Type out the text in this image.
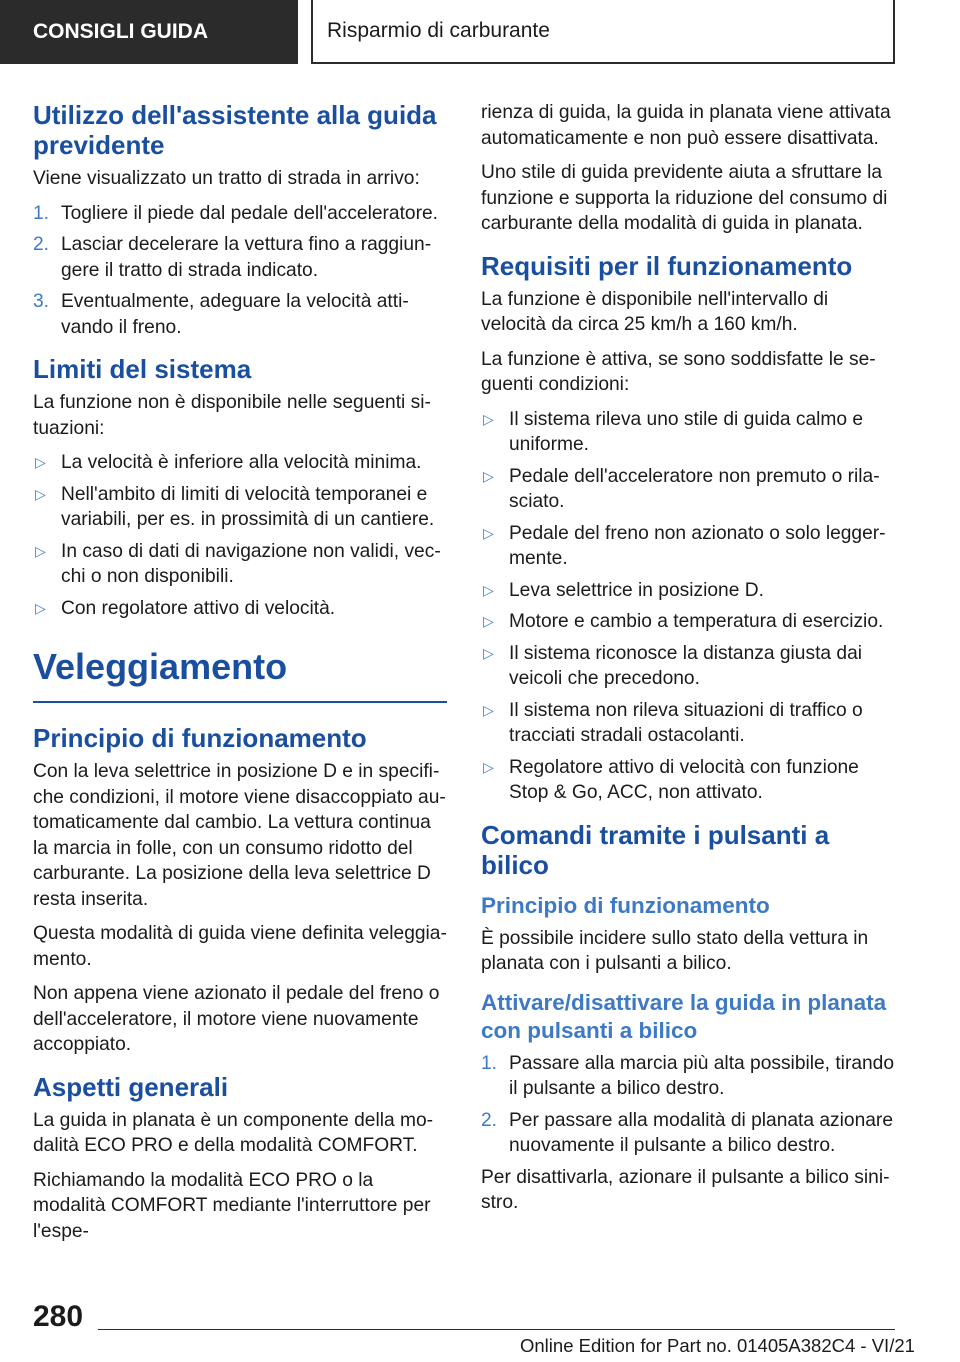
CONSIGLI GUIDA	Risparmio di carburante
Utilizzo dell'assistente alla guida previdente

Viene visualizzato un tratto di strada in arrivo:

1. Togliere il piede dal pedale dell'acceleratore.
2. Lasciar decelerare la vettura fino a raggiungere il tratto di strada indicato.
3. Eventualmente, adeguare la velocità attivando il freno.
Limiti del sistema

La funzione non è disponibile nelle seguenti situazioni:

▷ La velocità è inferiore alla velocità minima.
▷ Nell'ambito di limiti di velocità temporanei e variabili, per es. in prossimità di un cantiere.
▷ In caso di dati di navigazione non validi, vecchi o non disponibili.
▷ Con regolatore attivo di velocità.
Veleggiamento
Principio di funzionamento

Con la leva selettrice in posizione D e in specifiche condizioni, il motore viene disaccoppiato automaticamente dal cambio. La vettura continua la marcia in folle, con un consumo ridotto del carburante. La posizione della leva selettrice D resta inserita.

Questa modalità di guida viene definita veleggiamento.

Non appena viene azionato il pedale del freno o dell'acceleratore, il motore viene nuovamente accoppiato.

Aspetti generali

La guida in planata è un componente della modalità ECO PRO e della modalità COMFORT.

Richiamando la modalità ECO PRO o la modalità COMFORT mediante l'interruttore per l'espe-

rienza di guida, la guida in planata viene attivata automaticamente e non può essere disattivata.

Uno stile di guida previdente aiuta a sfruttare la funzione e supporta la riduzione del consumo di carburante della modalità di guida in planata.

Requisiti per il funzionamento

La funzione è disponibile nell'intervallo di velocità da circa 25 km/h a 160 km/h.

La funzione è attiva, se sono soddisfatte le seguenti condizioni:

▷ Il sistema rileva uno stile di guida calmo e uniforme.
▷ Pedale dell'acceleratore non premuto o rilasciato.
▷ Pedale del freno non azionato o solo leggermente.
▷ Leva selettrice in posizione D.
▷ Motore e cambio a temperatura di esercizio.
▷ Il sistema riconosce la distanza giusta dai veicoli che precedono.
▷ Il sistema non rileva situazioni di traffico o tracciati stradali ostacolanti.
▷ Regolatore attivo di velocità con funzione Stop & Go, ACC, non attivato.
Comandi tramite i pulsanti a bilico
Principio di funzionamento

È possibile incidere sullo stato della vettura in planata con i pulsanti a bilico.

Attivare/disattivare la guida in planata con pulsanti a bilico
1. Passare alla marcia più alta possibile, tirando il pulsante a bilico destro.
2. Per passare alla modalità di planata azionare nuovamente il pulsante a bilico destro.

Per disattivarla, azionare il pulsante a bilico sinistro.

280
Online Edition for Part no. 01405A382C4 - VI/21
